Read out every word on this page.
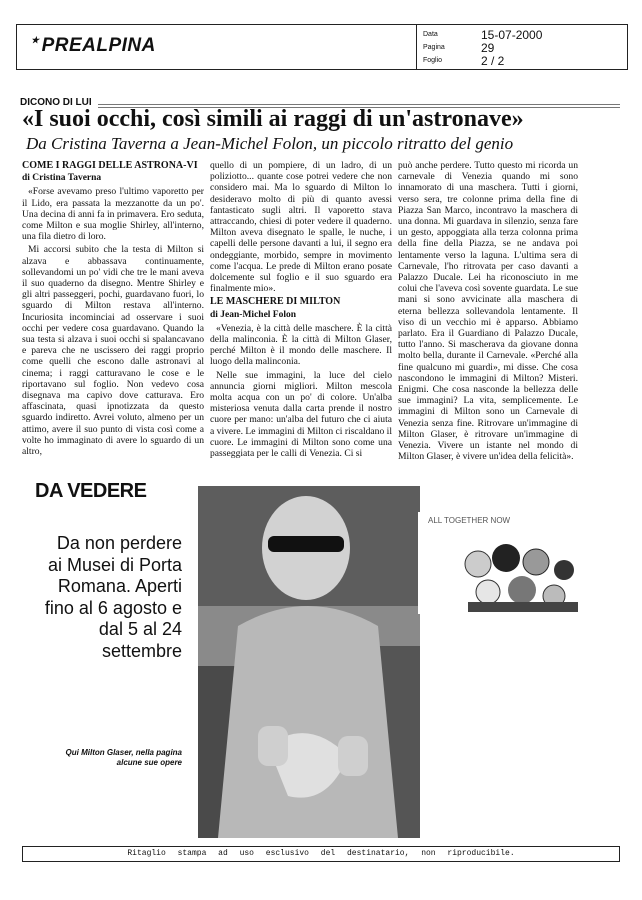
★ PREALPINA
Data	15-07-2000
Pagina	29
Foglio	2 / 2
DICONO DI LUI
«I suoi occhi, così simili ai raggi di un'astronave»
Da Cristina Taverna a Jean-Michel Folon, un piccolo ritratto del genio

COME I RAGGI DELLE ASTRONA-VI

di Cristina Taverna

«Forse avevamo preso l'ultimo vaporetto per il Lido, era passata la mezzanotte da un po'. Una decina di anni fa in primavera. Ero seduta, come Milton e sua moglie Shirley, all'interno, una fila dietro di loro.

Mi accorsi subito che la testa di Milton si alzava e abbassava continuamente, sollevandomi un po' vidi che tre le mani aveva il suo quaderno da disegno. Mentre Shirley e gli altri passeggeri, pochi, guardavano fuori, lo sguardo di Milton restava all'interno. Incuriosita incominciai ad osservare i suoi occhi per vedere cosa guardavano. Quando la sua testa si alzava i suoi occhi si spalancavano e pareva che ne uscissero dei raggi proprio come quelli che escono dalle astronavi al cinema; i raggi catturavano le cose e le riportavano sul foglio. Non vedevo cosa disegnava ma capivo dove catturava. Ero affascinata, quasi ipnotizzata da questo sguardo indiretto. Avrei voluto, almeno per un attimo, avere il suo punto di vista così come a volte ho immaginato di avere lo sguardo di un altro,

quello di un pompiere, di un ladro, di un poliziotto... quante cose potrei vedere che non considero mai. Ma lo sguardo di Milton lo desideravo molto di più di quanto avessi fantasticato sugli altri. Il vaporetto stava attraccando, chiesi di poter vedere il quaderno. Milton aveva disegnato le spalle, le nuche, i capelli delle persone davanti a lui, il segno era ondeggiante, morbido, sempre in movimento come l'acqua. Le prede di Milton erano posate dolcemente sul foglio e il suo sguardo era finalmente mio».

LE MASCHERE DI MILTON

di Jean-Michel Folon

«Venezia, è la città delle maschere. È la città della malinconia. È la città di Milton Glaser, perché Milton è il mondo delle maschere. Il luogo della malinconia.

Nelle sue immagini, la luce del cielo annuncia giorni migliori. Milton mescola molta acqua con un po' di colore. Un'alba misteriosa venuta dalla carta prende il nostro cuore per mano: un'alba del futuro che ci aiuta a vivere. Le immagini di Milton ci riscaldano il cuore. Le immagini di Milton sono come una passeggiata per le calli di Venezia. Ci si

può anche perdere. Tutto questo mi ricorda un carnevale di Venezia quando mi sono innamorato di una maschera. Tutti i giorni, verso sera, tre colonne prima della fine di Piazza San Marco, incontravo la maschera di una donna. Mi guardava in silenzio, senza fare un gesto, appoggiata alla terza colonna prima della fine della Piazza, se ne andava poi lentamente verso la laguna. L'ultima sera di Carnevale, l'ho ritrovata per caso davanti a Palazzo Ducale. Lei ha riconosciuto in me colui che l'aveva così sovente guardata. Le sue mani si sono avvicinate alla maschera di eterna bellezza sollevandola lentamente. Il viso di un vecchio mi è apparso. Abbiamo parlato. Era il Guardiano di Palazzo Ducale, tutto l'anno. Si mascherava da giovane donna molto bella, durante il Carnevale. «Perché alla fine qualcuno mi guardi», mi disse. Che cosa nascondono le immagini di Milton? Misteri. Enigmi. Che cosa nasconde la bellezza delle sue immagini? La vita, semplicemente. Le immagini di Milton sono un Carnevale di Venezia senza fine. Ritrovare un'immagine di Milton Glaser, è ritrovare un'immagine di Venezia. Vivere un istante nel mondo di Milton Glaser, è vivere un'idea della felicità».

DA VEDERE
Da non perdere ai Musei di Porta Romana. Aperti fino al 6 agosto e dal 5 al 24 settembre
Qui Milton Glaser, nella pagina alcune sue opere
ALL TOGETHER NOW
Ritaglio stampa ad uso esclusivo del destinatario, non riproducibile.
